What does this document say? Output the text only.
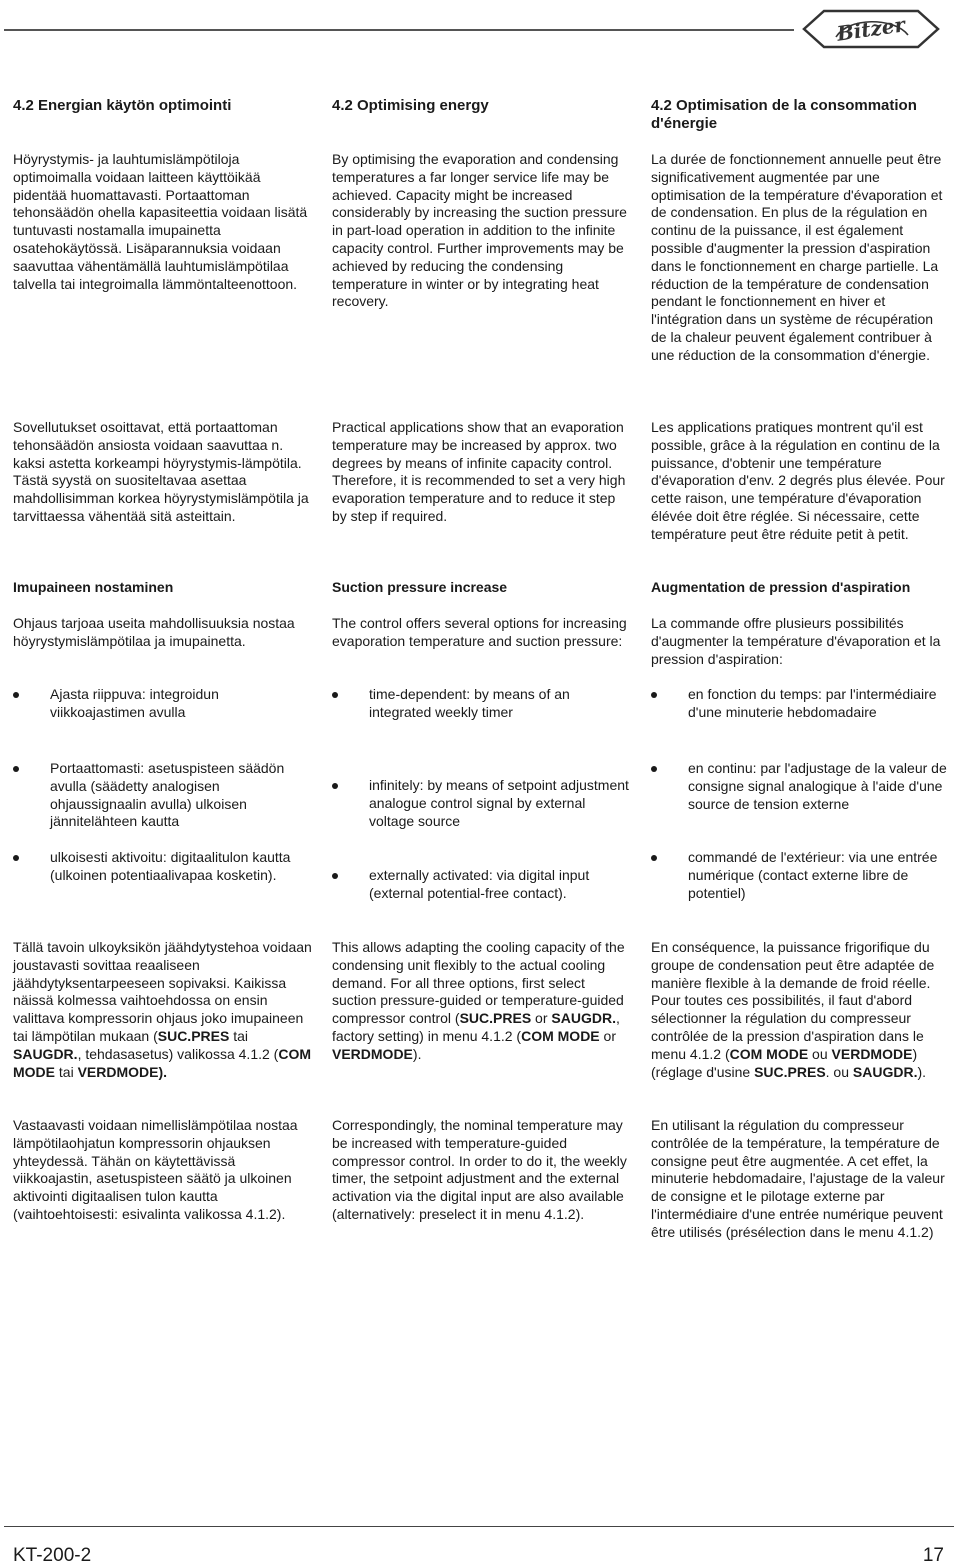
Bitzer
4.2 Energian käytön optimointi

Höyrystymis- ja lauhtumislämpötiloja optimoimalla voidaan laitteen käyttöikää pidentää huomattavasti. Portaattoman tehonsäädön ohella kapasiteettia voidaan lisätä tuntuvasti nostamalla imupainetta osatehokäytössä. Lisäparannuksia voidaan saavuttaa vähentämällä lauhtumislämpötilaa talvella tai integroimalla lämmöntalteenottoon.

Sovellutukset osoittavat, että portaattoman tehonsäädön ansiosta voidaan saavuttaa n. kaksi astetta korkeampi höyrystymis-lämpötila. Tästä syystä on suositeltavaa asettaa mahdollisimman korkea höyrystymislämpötila ja tarvittaessa vähentää sitä asteittain.

Imupaineen nostaminen

Ohjaus tarjoaa useita mahdollisuuksia nostaa höyrystymislämpötilaa ja imupainetta.

Ajasta riippuva: integroidun viikkoajastimen avulla
Portaattomasti: asetuspisteen säädön avulla (säädetty analogisen ohjaussignaalin avulla) ulkoisen jännitelähteen kautta
ulkoisesti aktivoitu: digitaalitulon kautta (ulkoinen potentiaalivapaa kosketin).

Tällä tavoin ulkoyksikön jäähdytystehoa voidaan joustavasti sovittaa reaaliseen jäähdytyksentarpeeseen sopivaksi. Kaikissa näissä kolmessa vaihtoehdossa on ensin valittava kompressorin ohjaus joko imupaineen tai lämpötilan mukaan (SUC.PRES tai SAUGDR., tehdasasetus) valikossa 4.1.2 (COM MODE tai VERDMODE).

Vastaavasti voidaan nimellislämpötilaa nostaa lämpötilaohjatun kompressorin ohjauksen yhteydessä. Tähän on käytettävissä viikkoajastin, asetuspisteen säätö ja ulkoinen aktivointi digitaalisen tulon kautta (vaihtoehtoisesti: esivalinta valikossa 4.1.2).

4.2 Optimising energy

By optimising the evaporation and condensing temperatures a far longer service life may be achieved. Capacity might be increased considerably by increasing the suction pressure in part-load operation in addition to the infinite capacity control. Further improvements may be achieved by reducing the condensing temperature in winter or by integrating heat recovery.

Practical applications show that an evaporation temperature may be increased by approx. two degrees by means of infinite capacity control. Therefore, it is recommended to set a very high evaporation temperature and to reduce it step by step if required.

Suction pressure increase

The control offers several options for increasing evaporation temperature and suction pressure:

time-dependent: by means of an integrated weekly timer
infinitely: by means of setpoint adjustment analogue control signal by external voltage source
externally activated: via digital input (external potential-free contact).

This allows adapting the cooling capacity of the condensing unit flexibly to the actual cooling demand. For all three options, first select suction pressure-guided or temperature-guided compressor control (SUC.PRES or SAUGDR., factory setting) in menu 4.1.2 (COM MODE or VERDMODE).

Correspondingly, the nominal temperature may be increased with temperature-guided compressor control. In order to do it, the weekly timer, the setpoint adjustment and the external activation via the digital input are also available (alternatively: preselect it in menu 4.1.2).

4.2 Optimisation de la consommation d'énergie

La durée de fonctionnement annuelle peut être significativement augmentée par une optimisation de la température d'évaporation et de condensation. En plus de la régulation en continu de la puissance, il est également possible d'augmenter la pression d'aspiration dans le fonctionnement en charge partielle. La réduction de la température de condensation pendant le fonctionnement en hiver et l'intégration dans un système de récupération de la chaleur peuvent également contribuer à une réduction de la consommation d'énergie.

Les applications pratiques montrent qu'il est possible, grâce à la régulation en continu de la puissance, d'obtenir une température d'évaporation d'env. 2 degrés plus élevée. Pour cette raison, une température d'évaporation élévée doit être réglée. Si nécessaire, cette température peut être réduite petit à petit.

Augmentation de pression d'aspiration

La commande offre plusieurs possibilités d'augmenter la température d'évaporation et la pression d'aspiration:

en fonction du temps: par l'intermédiaire d'une minuterie hebdomadaire
en continu: par l'adjustage de la valeur de consigne signal analogique à l'aide d'une source de tension externe
commandé de l'extérieur: via une entrée numérique (contact externe libre de potentiel)

En conséquence, la puissance frigorifique du groupe de condensation peut être adaptée de manière flexible à la demande de froid réelle. Pour toutes ces possibilités, il faut d'abord sélectionner la régulation du compresseur contrôlée de la pression d'aspiration dans le menu 4.1.2 (COM MODE ou VERDMODE) (réglage d'usine SUC.PRES. ou SAUGDR.).

En utilisant la régulation du compresseur contrôlée de la température, la température de consigne peut être augmentée. A cet effet, la minuterie hebdomadaire, l'ajustage de la valeur de consigne et le pilotage externe par l'intermédiaire d'une entrée numérique peuvent être utilisés (présélection dans le menu 4.1.2)

KT-200-2	17
